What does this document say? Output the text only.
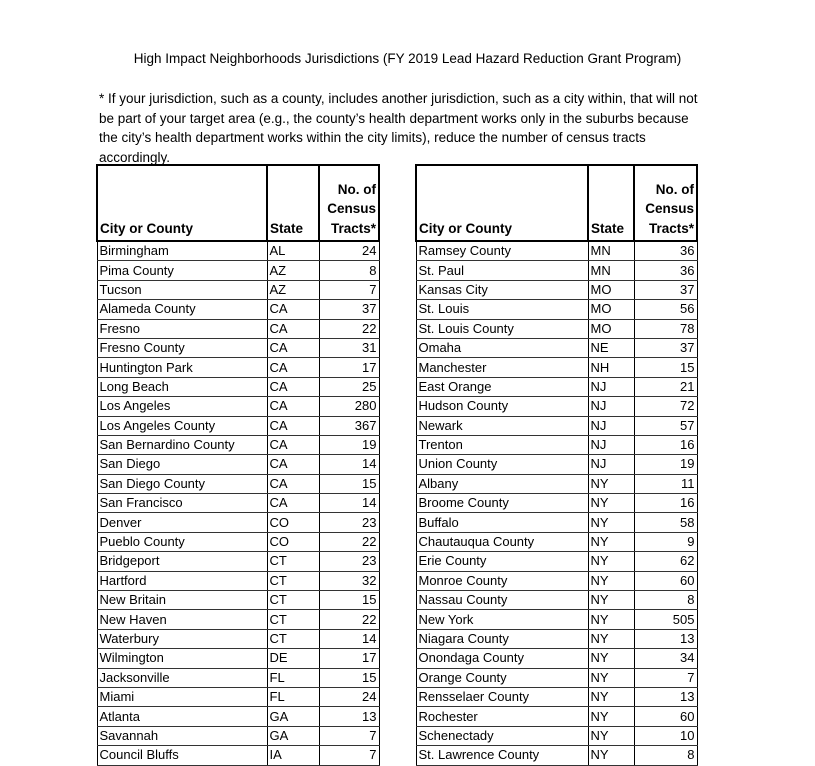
High Impact Neighborhoods Jurisdictions (FY 2019 Lead Hazard Reduction Grant Program)
* If your jurisdiction, such as a county, includes another jurisdiction, such as a city within, that will not be part of your target area (e.g., the county’s health department works only in the suburbs because the city’s health department works within the city limits), reduce the number of census tracts accordingly.
City or County	State	No. of
Census
Tracts*
Birmingham	AL	24
Pima County	AZ	8
Tucson	AZ	7
Alameda County	CA	37
Fresno	CA	22
Fresno County	CA	31
Huntington Park	CA	17
Long Beach	CA	25
Los Angeles	CA	280
Los Angeles County	CA	367
San Bernardino County	CA	19
San Diego	CA	14
San Diego County	CA	15
San Francisco	CA	14
Denver	CO	23
Pueblo County	CO	22
Bridgeport	CT	23
Hartford	CT	32
New Britain	CT	15
New Haven	CT	22
Waterbury	CT	14
Wilmington	DE	17
Jacksonville	FL	15
Miami	FL	24
Atlanta	GA	13
Savannah	GA	7
Council Bluffs	IA	7
City or County	State	No. of
Census
Tracts*
Ramsey County	MN	36
St. Paul	MN	36
Kansas City	MO	37
St. Louis	MO	56
St. Louis County	MO	78
Omaha	NE	37
Manchester	NH	15
East Orange	NJ	21
Hudson County	NJ	72
Newark	NJ	57
Trenton	NJ	16
Union County	NJ	19
Albany	NY	11
Broome County	NY	16
Buffalo	NY	58
Chautauqua County	NY	9
Erie County	NY	62
Monroe County	NY	60
Nassau County	NY	8
New York	NY	505
Niagara County	NY	13
Onondaga County	NY	34
Orange County	NY	7
Rensselaer County	NY	13
Rochester	NY	60
Schenectady	NY	10
St. Lawrence County	NY	8
